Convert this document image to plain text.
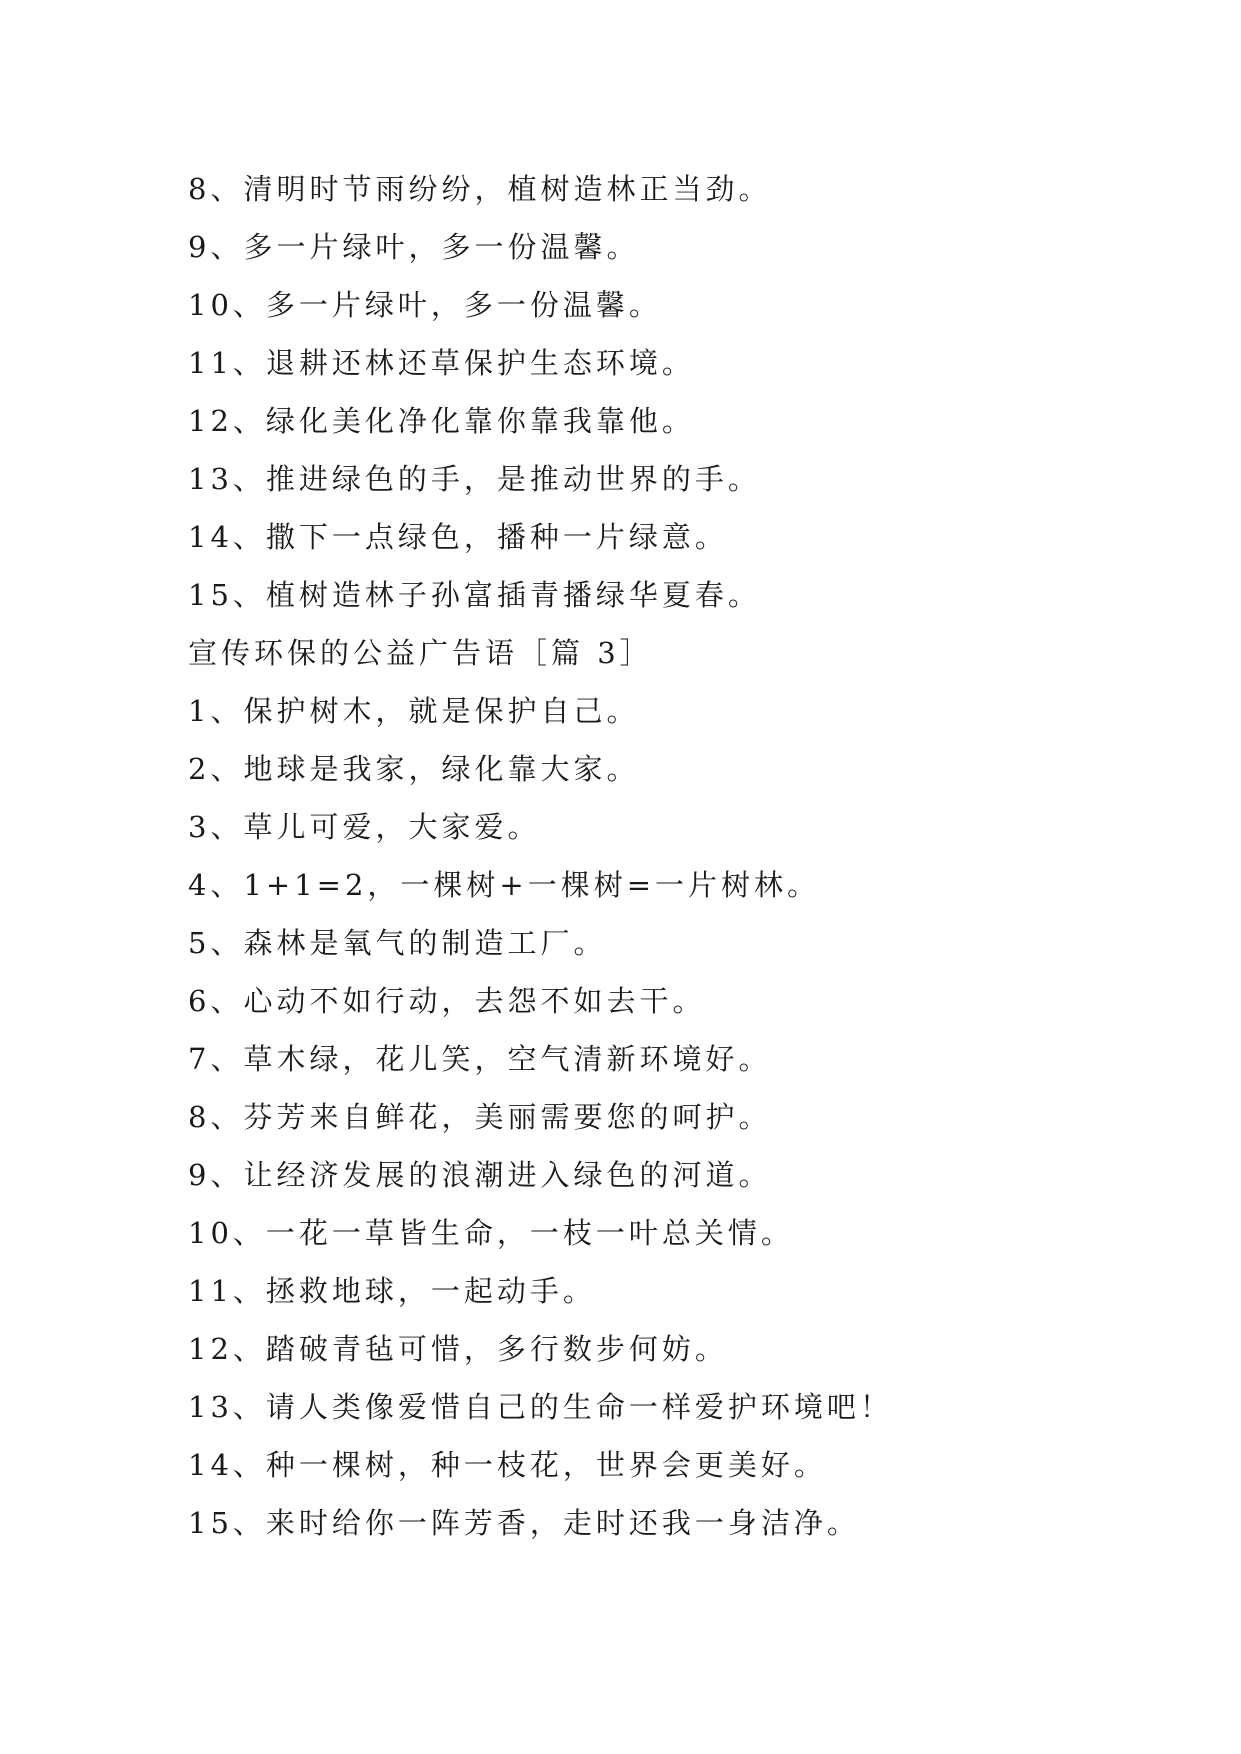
8、清明时节雨纷纷，植树造林正当劲。
9、多一片绿叶，多一份温馨。
10、多一片绿叶，多一份温馨。
11、退耕还林还草保护生态环境。
12、绿化美化净化靠你靠我靠他。
13、推进绿色的手，是推动世界的手。
14、撒下一点绿色，播种一片绿意。
15、植树造林子孙富插青播绿华夏春。
宣传环保的公益广告语［篇 3］
1、保护树木，就是保护自己。
2、地球是我家，绿化靠大家。
3、草儿可爱，大家爱。
4、1+1=2，一棵树+一棵树=一片树林。
5、森林是氧气的制造工厂。
6、心动不如行动，去怨不如去干。
7、草木绿，花儿笑，空气清新环境好。
8、芬芳来自鲜花，美丽需要您的呵护。
9、让经济发展的浪潮进入绿色的河道。
10、一花一草皆生命，一枝一叶总关情。
11、拯救地球，一起动手。
12、踏破青毡可惜，多行数步何妨。
13、请人类像爱惜自己的生命一样爱护环境吧！
14、种一棵树，种一枝花，世界会更美好。
15、来时给你一阵芳香，走时还我一身洁净。
